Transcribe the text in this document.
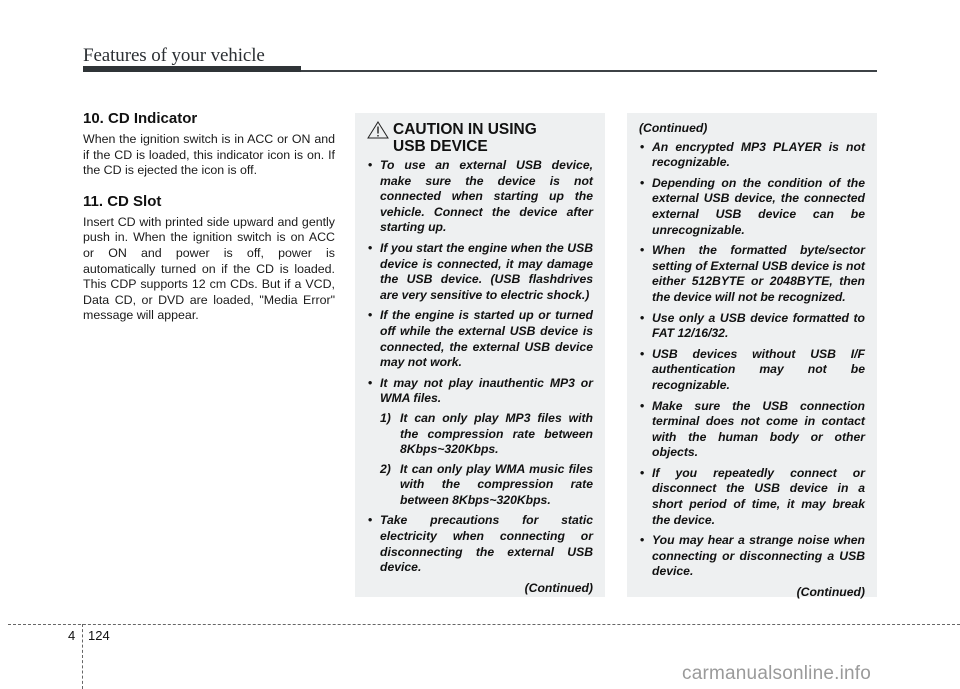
Features of your vehicle
10. CD Indicator

When the ignition switch is in ACC or ON and if the CD is loaded, this indicator icon is on. If the CD is ejected the icon is off.

11. CD Slot

Insert CD with printed side upward and gently push in. When the ignition switch is on ACC or ON and power is off, power is automatically turned on if the CD is loaded. This CDP supports 12 cm CDs. But if a VCD, Data CD, or DVD are loaded, "Media Error" message will appear.

CAUTION IN USING
USB DEVICE
• To use an external USB device, make sure the device is not connected when starting up the vehicle. Connect the device after starting up.
• If you start the engine when the USB device is connected, it may damage the USB device. (USB flashdrives are very sensitive to electric shock.)
• If the engine is started up or turned off while the external USB device is connected, the external USB device may not work.
• It may not play inauthentic MP3 or WMA files.
1) It can only play MP3 files with the compression rate between 8Kbps~320Kbps.
2) It can only play WMA music files with the compression rate between 8Kbps~320Kbps.
• Take precautions for static electricity when connecting or disconnecting the external USB device.
(Continued)
(Continued)
• An encrypted MP3 PLAYER is not recognizable.
• Depending on the condition of the external USB device, the connected external USB device can be unrecognizable.
• When the formatted byte/sector setting of External USB device is not either 512BYTE or 2048BYTE, then the device will not be recognized.
• Use only a USB device formatted to FAT 12/16/32.
• USB devices without USB I/F authentication may not be recognizable.
• Make sure the USB connection terminal does not come in contact with the human body or other objects.
• If you repeatedly connect or disconnect the USB device in a short period of time, it may break the device.
• You may hear a strange noise when connecting or disconnecting a USB device.
(Continued)
4 124
carmanualsonline.info
